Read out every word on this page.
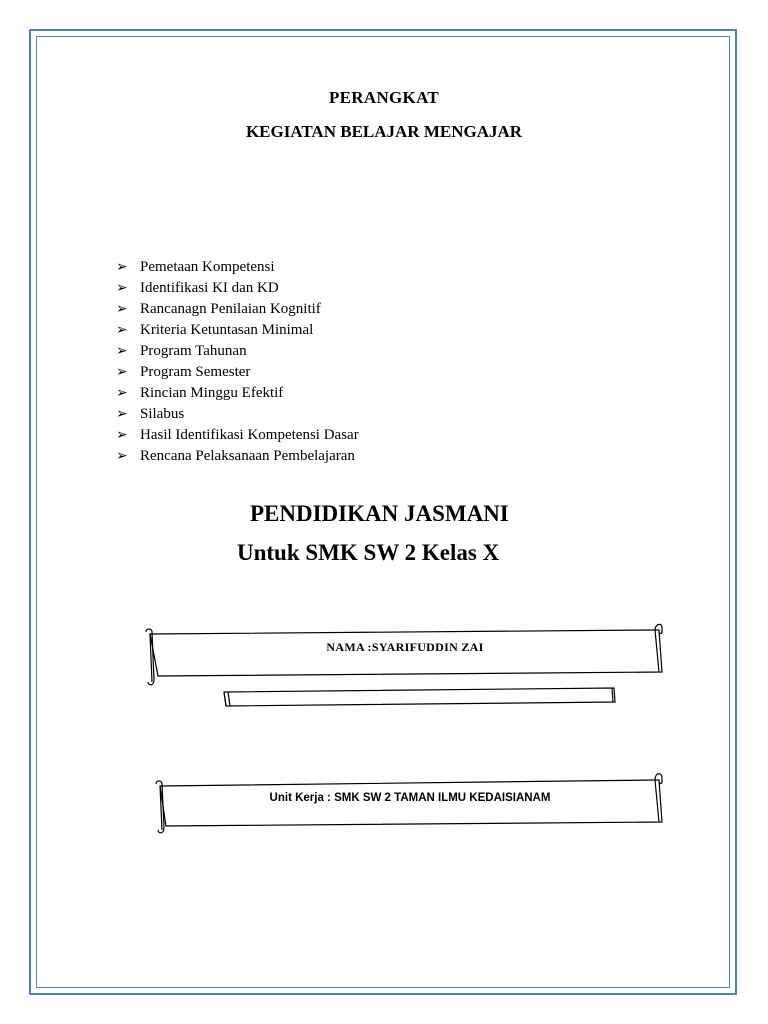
PERANGKAT
KEGIATAN BELAJAR MENGAJAR
➢ Pemetaan Kompetensi
➢ Identifikasi KI dan KD
➢ Rancanagn Penilaian Kognitif
➢ Kriteria Ketuntasan Minimal
➢ Program Tahunan
➢ Program Semester
➢ Rincian Minggu Efektif
➢ Silabus
➢ Hasil Identifikasi Kompetensi Dasar
➢ Rencana Pelaksanaan Pembelajaran
PENDIDIKAN JASMANI
Untuk SMK SW 2 Kelas X
NAMA :SYARIFUDDIN ZAI
Unit Kerja : SMK SW 2 TAMAN ILMU KEDAISIANAM
